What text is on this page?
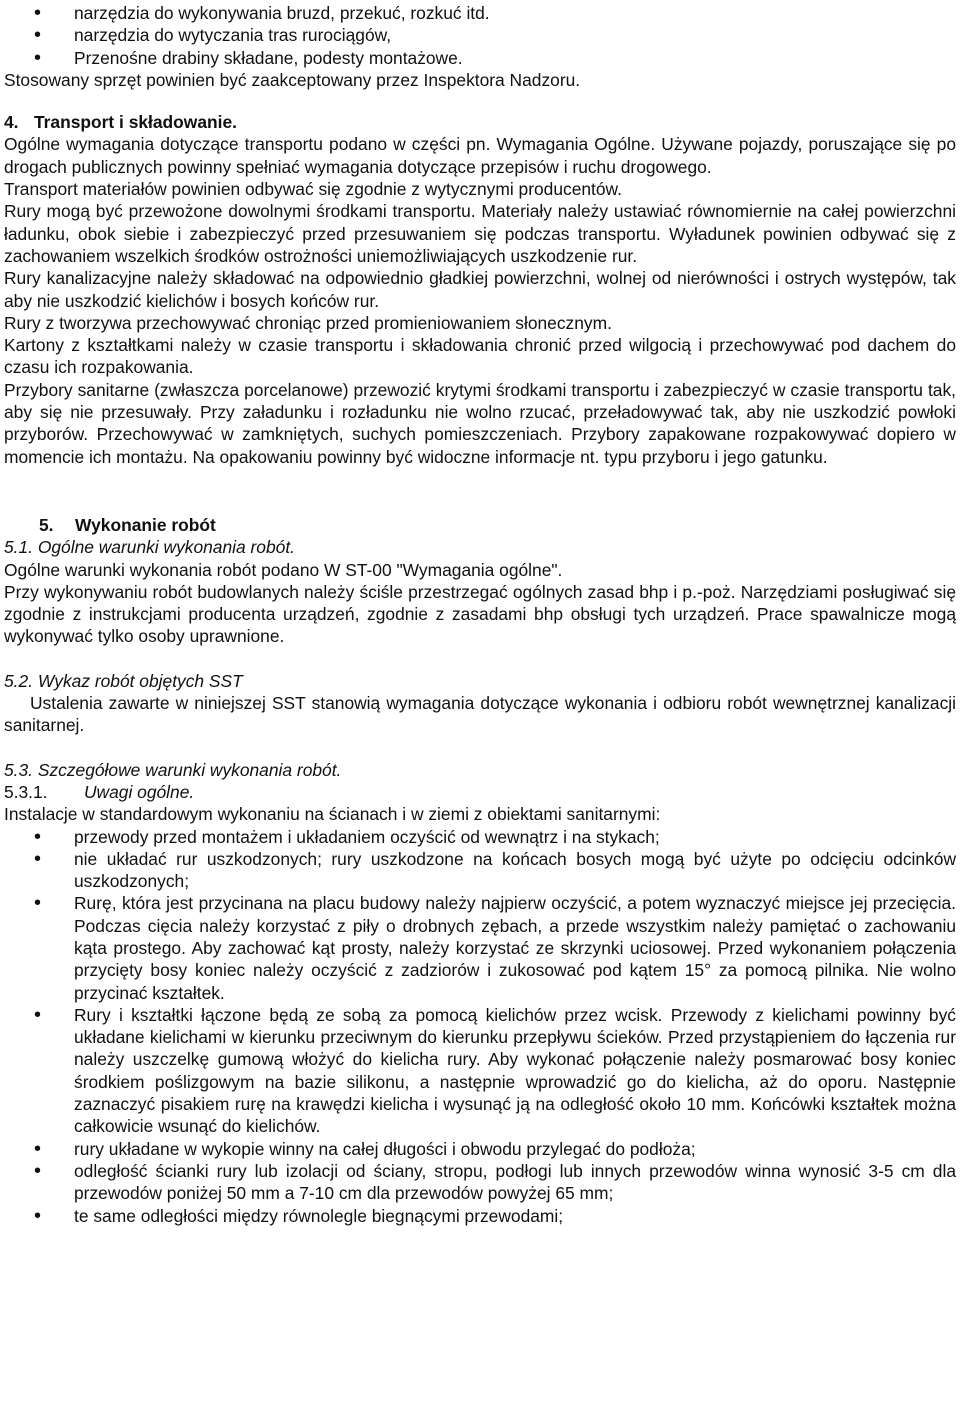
• narzędzia do wykonywania bruzd, przekuć, rozkuć itd.
• narzędzia do wytyczania tras rurociągów,
• Przenośne drabiny składane, podesty montażowe.

Stosowany sprzęt powinien być zaakceptowany przez Inspektora Nadzoru.

4. Transport i składowanie.

Ogólne wymagania dotyczące transportu podano w części pn. Wymagania Ogólne. Używane pojazdy, poruszające się po drogach publicznych powinny spełniać wymagania dotyczące przepisów i ruchu drogowego.

Transport materiałów powinien odbywać się zgodnie z wytycznymi producentów.

Rury mogą być przewożone dowolnymi środkami transportu. Materiały należy ustawiać równomiernie na całej powierzchni ładunku, obok siebie i zabezpieczyć przed przesuwaniem się podczas transportu. Wyładunek powinien odbywać się z zachowaniem wszelkich środków ostrożności uniemożliwiających uszkodzenie rur.

Rury kanalizacyjne należy składować na odpowiednio gładkiej powierzchni, wolnej od nierówności i ostrych występów, tak aby nie uszkodzić kielichów i bosych końców rur.

Rury z tworzywa przechowywać chroniąc przed promieniowaniem słonecznym.

Kartony z kształtkami należy w czasie transportu i składowania chronić przed wilgocią i przechowywać pod dachem do czasu ich rozpakowania.

Przybory sanitarne (zwłaszcza porcelanowe) przewozić krytymi środkami transportu i zabezpieczyć w czasie transportu tak, aby się nie przesuwały. Przy załadunku i rozładunku nie wolno rzucać, przeładowywać tak, aby nie uszkodzić powłoki przyborów. Przechowywać w zamkniętych, suchych pomieszczeniach. Przybory zapakowane rozpakowywać dopiero w momencie ich montażu. Na opakowaniu powinny być widoczne informacje nt. typu przyboru i jego gatunku.

5. Wykonanie robót

5.1. Ogólne warunki wykonania robót.

Ogólne warunki wykonania robót podano W ST-00 "Wymagania ogólne".

Przy wykonywaniu robót budowlanych należy ściśle przestrzegać ogólnych zasad bhp i p.-poż. Narzędziami posługiwać się zgodnie z instrukcjami producenta urządzeń, zgodnie z zasadami bhp obsługi tych urządzeń. Prace spawalnicze mogą wykonywać tylko osoby uprawnione.

5.2. Wykaz robót objętych SST

Ustalenia zawarte w niniejszej SST stanowią wymagania dotyczące wykonania i odbioru robót wewnętrznej kanalizacji sanitarnej.

5.3. Szczegółowe warunki wykonania robót.

5.3.1. Uwagi ogólne.

Instalacje w standardowym wykonaniu na ścianach i w ziemi z obiektami sanitarnymi:

• przewody przed montażem i układaniem oczyścić od wewnątrz i na stykach;
• nie układać rur uszkodzonych; rury uszkodzone na końcach bosych mogą być użyte po odcięciu odcinków uszkodzonych;
• Rurę, która jest przycinana na placu budowy należy najpierw oczyścić, a potem wyznaczyć miejsce jej przecięcia. Podczas cięcia należy korzystać z piły o drobnych zębach, a przede wszystkim należy pamiętać o zachowaniu kąta prostego. Aby zachować kąt prosty, należy korzystać ze skrzynki uciosowej. Przed wykonaniem połączenia przycięty bosy koniec należy oczyścić z zadziorów i zukosować pod kątem 15° za pomocą pilnika. Nie wolno przycinać kształtek.
• Rury i kształtki łączone będą ze sobą za pomocą kielichów przez wcisk. Przewody z kielichami powinny być układane kielichami w kierunku przeciwnym do kierunku przepływu ścieków. Przed przystąpieniem do łączenia rur należy uszczelkę gumową włożyć do kielicha rury. Aby wykonać połączenie należy posmarować bosy koniec środkiem poślizgowym na bazie silikonu, a następnie wprowadzić go do kielicha, aż do oporu. Następnie zaznaczyć pisakiem rurę na krawędzi kielicha i wysunąć ją na odległość około 10 mm. Końcówki kształtek można całkowicie wsunąć do kielichów.
• rury układane w wykopie winny na całej długości i obwodu przylegać do podłoża;
• odległość ścianki rury lub izolacji od ściany, stropu, podłogi lub innych przewodów winna wynosić 3-5 cm dla przewodów poniżej 50 mm a 7-10 cm dla przewodów powyżej 65 mm;
• te same odległości między równolegle biegnącymi przewodami;
